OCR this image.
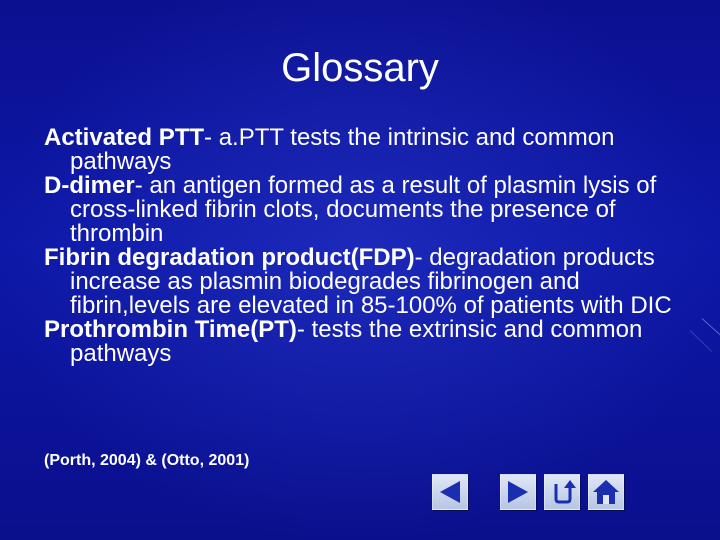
Glossary

Activated PTT- a.PTT tests the intrinsic and common pathways

D-dimer- an antigen formed as a result of plasmin lysis of cross-linked fibrin clots, documents the presence of thrombin

Fibrin degradation product(FDP)- degradation products increase as plasmin biodegrades fibrinogen and fibrin,levels are elevated in 85-100% of patients with DIC

Prothrombin Time(PT)- tests the extrinsic and common pathways

(Porth, 2004) & (Otto, 2001)
